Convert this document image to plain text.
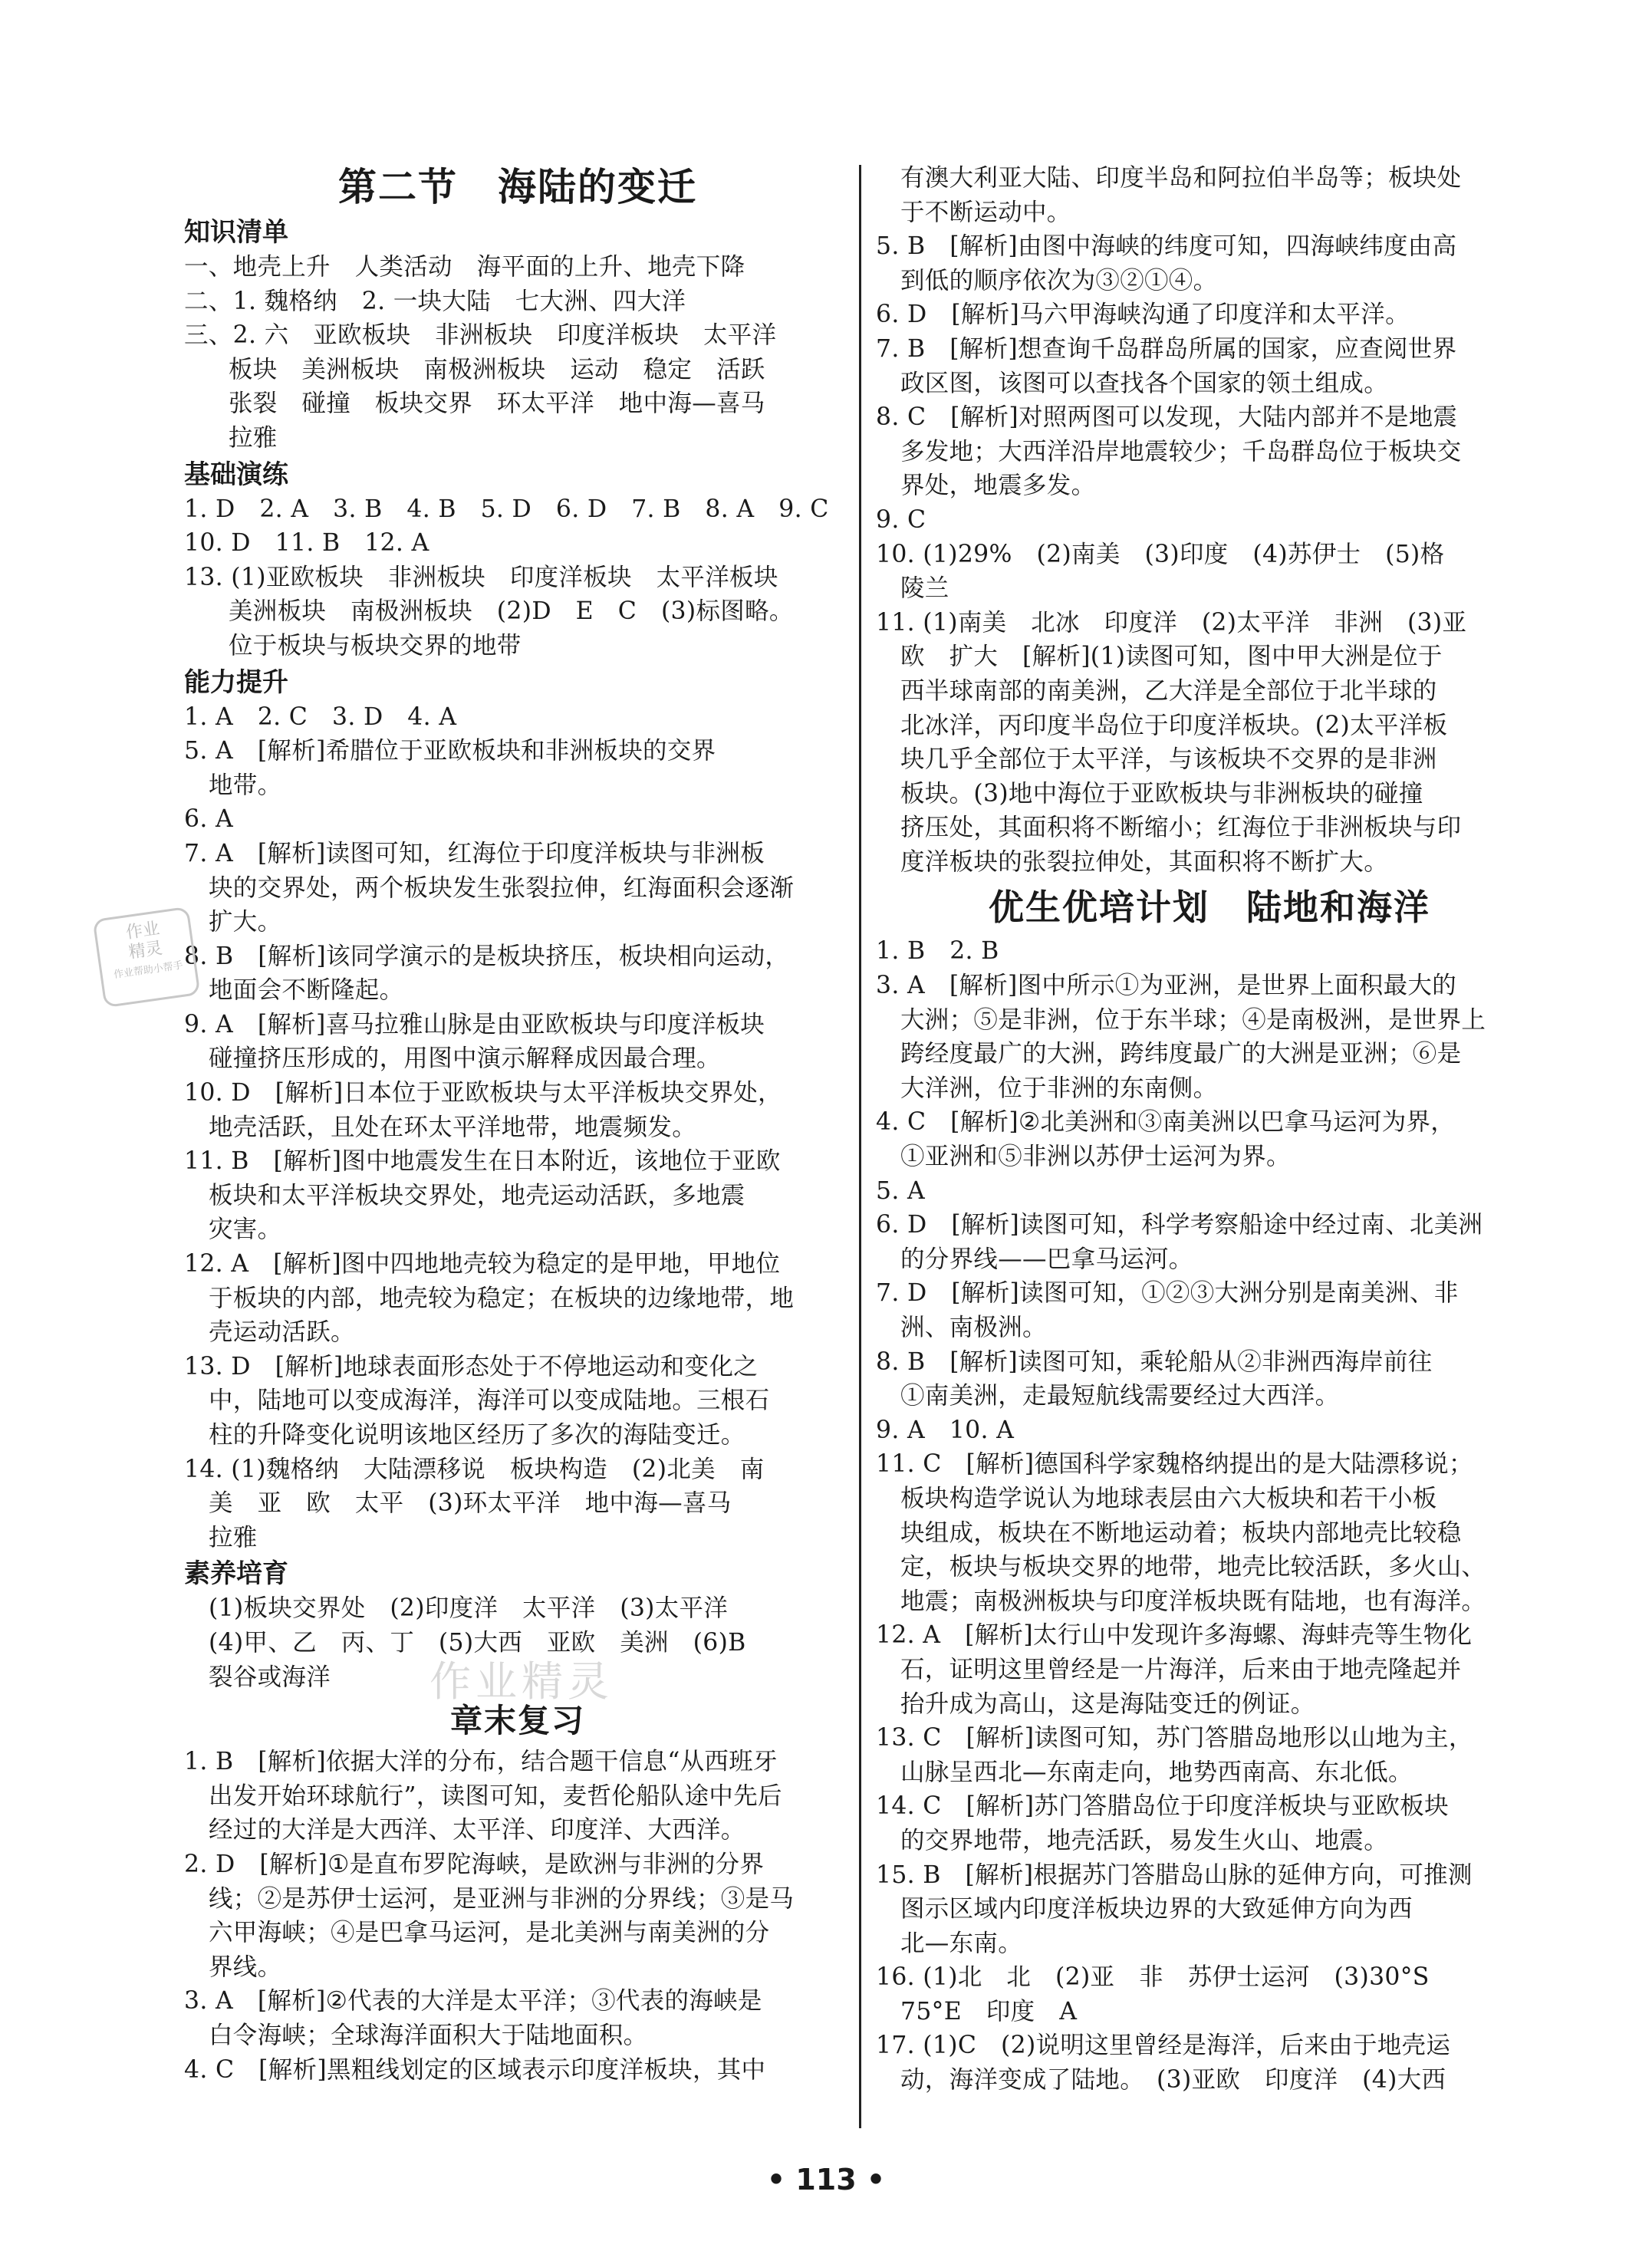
第二节　海陆的变迁
知识清单
一、地壳上升　人类活动　海平面的上升、地壳下降
二、1. 魏格纳　2. 一块大陆　七大洲、四大洋
三、2. 六　亚欧板块　非洲板块　印度洋板块　太平洋
板块　美洲板块　南极洲板块　运动　稳定　活跃
张裂　碰撞　板块交界　环太平洋　地中海—喜马
拉雅
基础演练
1. D　2. A　3. B　4. B　5. D　6. D　7. B　8. A　9. C
10. D　11. B　12. A
13. (1)亚欧板块　非洲板块　印度洋板块　太平洋板块
美洲板块　南极洲板块　(2)D　E　C　(3)标图略。
位于板块与板块交界的地带
能力提升
1. A　2. C　3. D　4. A
5. A　[解析]希腊位于亚欧板块和非洲板块的交界
地带。
6. A
7. A　[解析]读图可知，红海位于印度洋板块与非洲板
块的交界处，两个板块发生张裂拉伸，红海面积会逐渐
扩大。
8. B　[解析]该同学演示的是板块挤压，板块相向运动，
地面会不断隆起。
9. A　[解析]喜马拉雅山脉是由亚欧板块与印度洋板块
碰撞挤压形成的，用图中演示解释成因最合理。
10. D　[解析]日本位于亚欧板块与太平洋板块交界处，
地壳活跃，且处在环太平洋地带，地震频发。
11. B　[解析]图中地震发生在日本附近，该地位于亚欧
板块和太平洋板块交界处，地壳运动活跃，多地震
灾害。
12. A　[解析]图中四地地壳较为稳定的是甲地，甲地位
于板块的内部，地壳较为稳定；在板块的边缘地带，地
壳运动活跃。
13. D　[解析]地球表面形态处于不停地运动和变化之
中，陆地可以变成海洋，海洋可以变成陆地。三根石
柱的升降变化说明该地区经历了多次的海陆变迁。
14. (1)魏格纳　大陆漂移说　板块构造　(2)北美　南
美　亚　欧　太平　(3)环太平洋　地中海—喜马
拉雅
素养培育
(1)板块交界处　(2)印度洋　太平洋　(3)太平洋
(4)甲、乙　丙、丁　(5)大西　亚欧　美洲　(6)B
裂谷或海洋
章末复习
1. B　[解析]依据大洋的分布，结合题干信息“从西班牙
出发开始环球航行”，读图可知，麦哲伦船队途中先后
经过的大洋是大西洋、太平洋、印度洋、大西洋。
2. D　[解析]①是直布罗陀海峡，是欧洲与非洲的分界
线；②是苏伊士运河，是亚洲与非洲的分界线；③是马
六甲海峡；④是巴拿马运河，是北美洲与南美洲的分
界线。
3. A　[解析]②代表的大洋是太平洋；③代表的海峡是
白令海峡；全球海洋面积大于陆地面积。
4. C　[解析]黑粗线划定的区域表示印度洋板块，其中
有澳大利亚大陆、印度半岛和阿拉伯半岛等；板块处
于不断运动中。
5. B　[解析]由图中海峡的纬度可知，四海峡纬度由高
到低的顺序依次为③②①④。
6. D　[解析]马六甲海峡沟通了印度洋和太平洋。
7. B　[解析]想查询千岛群岛所属的国家，应查阅世界
政区图，该图可以查找各个国家的领土组成。
8. C　[解析]对照两图可以发现，大陆内部并不是地震
多发地；大西洋沿岸地震较少；千岛群岛位于板块交
界处，地震多发。
9. C
10. (1)29%　(2)南美　(3)印度　(4)苏伊士　(5)格
陵兰
11. (1)南美　北冰　印度洋　(2)太平洋　非洲　(3)亚
欧　扩大　[解析](1)读图可知，图中甲大洲是位于
西半球南部的南美洲，乙大洋是全部位于北半球的
北冰洋，丙印度半岛位于印度洋板块。(2)太平洋板
块几乎全部位于太平洋，与该板块不交界的是非洲
板块。(3)地中海位于亚欧板块与非洲板块的碰撞
挤压处，其面积将不断缩小；红海位于非洲板块与印
度洋板块的张裂拉伸处，其面积将不断扩大。
优生优培计划　陆地和海洋
1. B　2. B
3. A　[解析]图中所示①为亚洲，是世界上面积最大的
大洲；⑤是非洲，位于东半球；④是南极洲，是世界上
跨经度最广的大洲，跨纬度最广的大洲是亚洲；⑥是
大洋洲，位于非洲的东南侧。
4. C　[解析]②北美洲和③南美洲以巴拿马运河为界，
①亚洲和⑤非洲以苏伊士运河为界。
5. A
6. D　[解析]读图可知，科学考察船途中经过南、北美洲
的分界线——巴拿马运河。
7. D　[解析]读图可知，①②③大洲分别是南美洲、非
洲、南极洲。
8. B　[解析]读图可知，乘轮船从②非洲西海岸前往
①南美洲，走最短航线需要经过大西洋。
9. A　10. A
11. C　[解析]德国科学家魏格纳提出的是大陆漂移说；
板块构造学说认为地球表层由六大板块和若干小板
块组成，板块在不断地运动着；板块内部地壳比较稳
定，板块与板块交界的地带，地壳比较活跃，多火山、
地震；南极洲板块与印度洋板块既有陆地，也有海洋。
12. A　[解析]太行山中发现许多海螺、海蚌壳等生物化
石，证明这里曾经是一片海洋，后来由于地壳隆起并
抬升成为高山，这是海陆变迁的例证。
13. C　[解析]读图可知，苏门答腊岛地形以山地为主，
山脉呈西北—东南走向，地势西南高、东北低。
14. C　[解析]苏门答腊岛位于印度洋板块与亚欧板块
的交界地带，地壳活跃，易发生火山、地震。
15. B　[解析]根据苏门答腊岛山脉的延伸方向，可推测
图示区域内印度洋板块边界的大致延伸方向为西
北—东南。
16. (1)北　北　(2)亚　非　苏伊士运河　(3)30°S
75°E　印度　A
17. (1)C　(2)说明这里曾经是海洋，后来由于地壳运
动，海洋变成了陆地。　(3)亚欧　印度洋　(4)大西
作业
精灵
作业帮助小帮手
作业精灵
• 113 •
